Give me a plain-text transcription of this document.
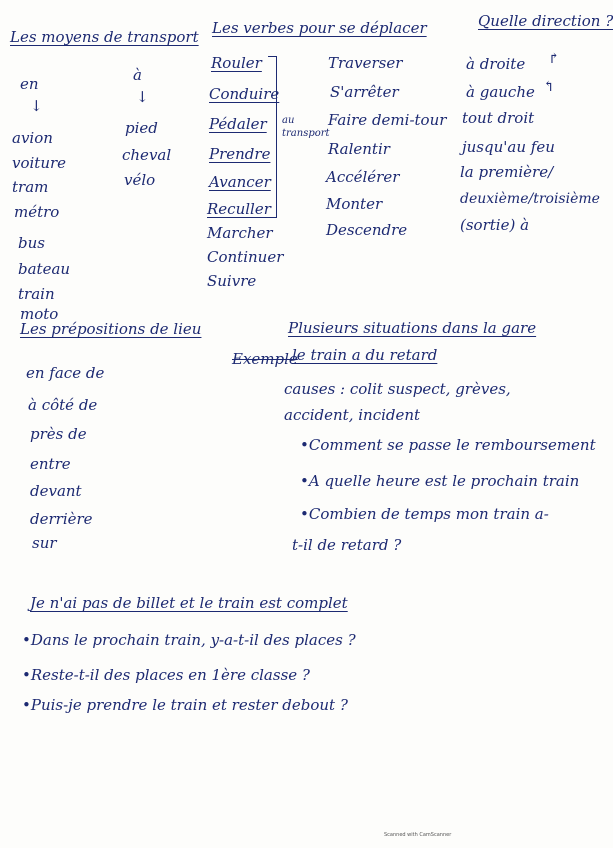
Les moyens de transport
en	à
↓	↓
avion
voiture
tram
métro
bus
bateau
train
moto
pied
cheval
vélo
Les verbes pour se déplacer
Rouler
Conduire
Pédaler
Prendre
Avancer
Reculler
Marcher
Continuer
Suivre
au transport
Traverser
S'arrêter
Faire demi-tour
Ralentir
Accélérer
Monter
Descendre
Quelle direction ?
à droite ↱
à gauche ↰
tout droit
jusqu'au feu
la première/
deuxième/troisième
(sortie) à
Les prépositions de lieu
en face de
à côté de
près de
entre
devant
derrière
sur
Plusieurs situations dans la gare
Exemple
le train a du retard
causes : colit suspect, grèves,
accident, incident
•Comment se passe le remboursement
•A quelle heure est le prochain train
•Combien de temps mon train a-
t-il de retard ?
Je n'ai pas de billet et le train est complet
•Dans le prochain train, y-a-t-il des places ?
•Reste-t-il des places en 1ère classe ?
•Puis-je prendre le train et rester debout ?
Scanned with CamScanner
